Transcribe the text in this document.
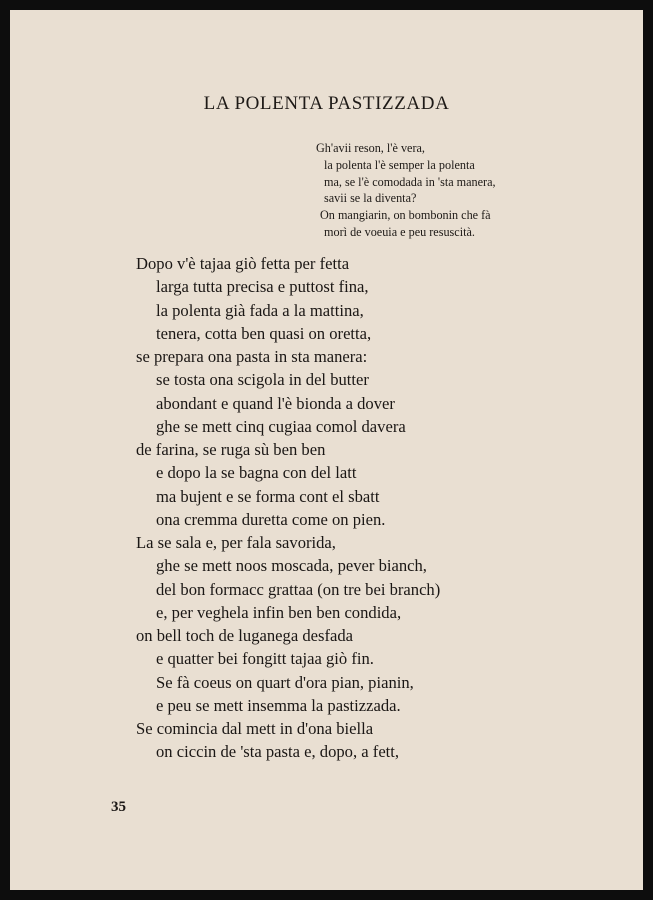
LA POLENTA PASTIZZADA
Gh'avii reson, l'è vera,
la polenta l'è semper la polenta
ma, se l'è comodada in 'sta manera,
savii se la diventa?
On mangiarin, on bombonin che fà
morì de voeuia e peu resuscità.
Dopo v'è tajaa giò fetta per fetta
larga tutta precisa e puttost fina,
la polenta già fada a la mattina,
tenera, cotta ben quasi on oretta,
se prepara ona pasta in sta manera:
se tosta ona scigola in del butter
abondant e quand l'è bionda a dover
ghe se mett cinq cugiaa comol davera
de farina, se ruga sù ben ben
e dopo la se bagna con del latt
ma bujent e se forma cont el sbatt
ona cremma duretta come on pien.
La se sala e, per fala savorida,
ghe se mett noos moscada, pever bianch,
del bon formacc grattaa (on tre bei branch)
e, per veghela infin ben ben condida,
on bell toch de luganega desfada
e quatter bei fongitt tajaa giò fin.
Se fà coeus on quart d'ora pian, pianin,
e peu se mett insemma la pastizzada.
Se comincia dal mett in d'ona biella
on ciccin de 'sta pasta e, dopo, a fett,
35
